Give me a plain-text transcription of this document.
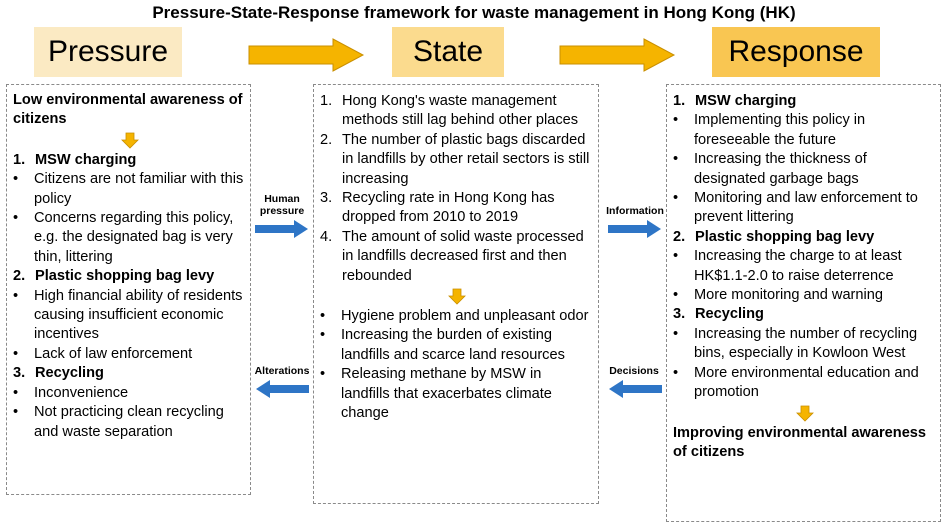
Pressure-State-Response framework for waste management in Hong Kong (HK)
Pressure	State	Response
Low environmental awareness of citizens
1. MSW charging
•	Citizens are not familiar with this policy
•	Concerns regarding this policy, e.g. the designated bag is very thin, littering
2. Plastic shopping bag levy
•	High financial ability of residents causing insufficient economic incentives
•	Lack of law enforcement
3. Recycling
•	Inconvenience
•	Not practicing clean recycling and waste separation
1. Hong Kong's waste management methods still lag behind other places
2. The number of plastic bags discarded in landfills by other retail sectors is still increasing
3. Recycling rate in Hong Kong has dropped from 2010 to 2019
4. The amount of solid waste processed in landfills decreased first and then rebounded
•	Hygiene problem and unpleasant odor
•	Increasing the burden of existing landfills and scarce land resources
•	Releasing methane by MSW in landfills that exacerbates climate change
1. MSW charging
•	Implementing this policy in foreseeable the future
•	Increasing the thickness of designated garbage bags
•	Monitoring and law enforcement to prevent littering
2. Plastic shopping bag levy
•	Increasing the charge to at least HK$1.1-2.0 to raise deterrence
•	More monitoring and warning
3. Recycling
•	Increasing the number of recycling bins, especially in Kowloon West
•	More environmental education and promotion
Improving environmental awareness of citizens
Human pressure	Information
Alterations	Decisions
